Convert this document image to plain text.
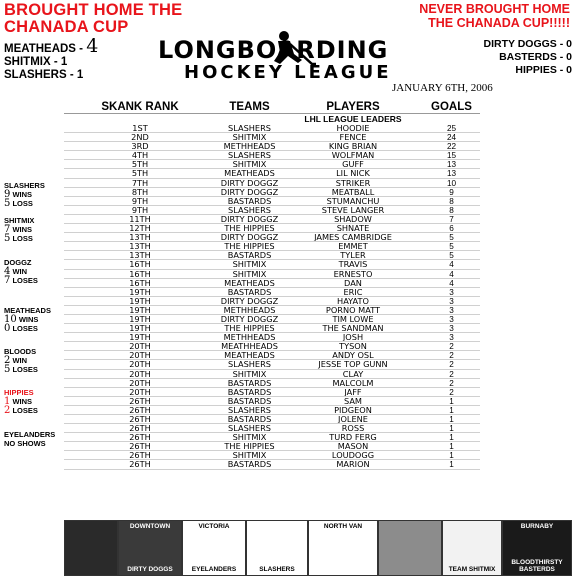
BROUGHT HOME THE
CHANADA CUP
NEVER BROUGHT HOME
THE CHANADA CUP!!!!!
MEATHEADS - 4
SHITMIX - 1
SLASHERS - 1
DIRTY DOGGS - 0
BASTERDS - 0
HIPPIES - 0
LONGBOARDING
HOCKEY LEAGUE
JANUARY 6TH, 2006
SKANK RANK	TEAMS	PLAYERS	GOALS
LHL LEAGUE LEADERS
1ST	SLASHERS	HOODIE	25
2ND	SHITMIX	FENCE	24
3RD	METHHEADS	KING BRIAN	22
4TH	SLASHERS	WOLFMAN	15
5TH	SHITMIX	GUFF	13
5TH	MEATHEADS	LIL NICK	13
7TH	DIRTY DOGGZ	STRIKER	10
8TH	DIRTY DOGGZ	MEATBALL	9
9TH	BASTARDS	STUMANCHU	8
9TH	SLASHERS	STEVE LANGER	8
11TH	DIRTY DOGGZ	SHADOW	7
12TH	THE HIPPIES	SHNATE	6
13TH	DIRTY DOGGZ	JAMES CAMBRIDGE	5
13TH	THE HIPPIES	EMMET	5
13TH	BASTARDS	TYLER	5
16TH	SHITMIX	TRAVIS	4
16TH	SHITMIX	ERNESTO	4
16TH	MEATHEADS	DAN	4
19TH	BASTARDS	ERIC	3
19TH	DIRTY DOGGZ	HAYATO	3
19TH	METHHEADS	PORNO MATT	3
19TH	DIRTY DOGGZ	TIM LOWE	3
19TH	THE HIPPIES	THE SANDMAN	3
19TH	METHHEADS	JOSH	3
20TH	MEATHHEADS	TYSON	2
20TH	MEATHEADS	ANDY OSL	2
20TH	SLASHERS	JESSE TOP GUNN	2
20TH	SHITMIX	CLAY	2
20TH	BASTARDS	MALCOLM	2
20TH	BASTARDS	JAFF	2
26TH	BASTARDS	SAM	1
26TH	SLASHERS	PIDGEON	1
26TH	BASTARDS	JOLENE	1
26TH	SLASHERS	ROSS	1
26TH	SHITMIX	TURD FERG	1
26TH	THE HIPPIES	MASON	1
26TH	SHITMIX	LOUDOGG	1
26TH	BASTARDS	MARION	1
SLASHERS
9 WINS
5 LOSS
SHITMIX
7 WINS
5 LOSS
DOGGZ
4 WIN
7 LOSES
MEATHEADS
10 WINS
0 LOSES
BLOODS
2 WIN
5 LOSES
HIPPIES
1 WINS
2 LOSES
EYELANDERS
NO SHOWS
DOWNTOWN
DIRTY DOGGS
VICTORIA
EYELANDERS	SLASHERS
NORTH VAN
TEAM SHITMIX
BURNABY
BLOODTHIRSTY BASTERDS
